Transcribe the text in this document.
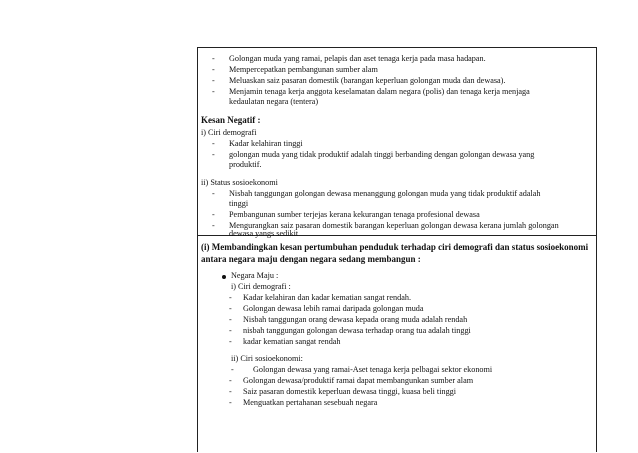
- Golongan muda yang ramai, pelapis dan aset tenaga kerja pada masa hadapan.
- Mempercepatkan pembangunan sumber alam
- Meluaskan saiz pasaran domestik (barangan keperluan golongan muda dan dewasa).
- Menjamin tenaga kerja anggota keselamatan dalam negara (polis) dan tenaga kerja menjaga
kedaulatan negara (tentera)
Kesan Negatif :
i) Ciri demografi
- Kadar kelahiran tinggi
- golongan muda yang tidak produktif adalah tinggi berbanding dengan golongan dewasa yang
produktif.
ii) Status sosioekonomi
- Nisbah tanggungan golongan dewasa menanggung golongan muda yang tidak produktif adalah
tinggi
- Pembangunan sumber terjejas kerana kekurangan tenaga profesional dewasa
- Mengurangkan saiz pasaran domestik barangan keperluan golongan dewasa kerana jumlah golongan
dewasa yangs sedikit
(i) Membandingkan kesan pertumbuhan penduduk terhadap ciri demografi dan status sosioekonomi
antara negara maju dengan negara sedang membangun :
Negara Maju :
i) Ciri demografi :
- Kadar kelahiran dan kadar kematian sangat rendah.
- Golongan dewasa lebih ramai daripada golongan muda
- Nisbah tanggungan orang dewasa kepada orang muda adalah rendah
- nisbah tanggungan golongan dewasa terhadap orang tua adalah tinggi
- kadar kematian sangat rendah
ii) Ciri sosioekonomi:
- Golongan dewasa yang ramai-Aset tenaga kerja pelbagai sektor ekonomi
- Golongan dewasa/produktif ramai dapat membangunkan sumber alam
- Saiz pasaran domestik keperluan dewasa tinggi, kuasa beli tinggi
- Menguatkan pertahanan sesebuah negara
